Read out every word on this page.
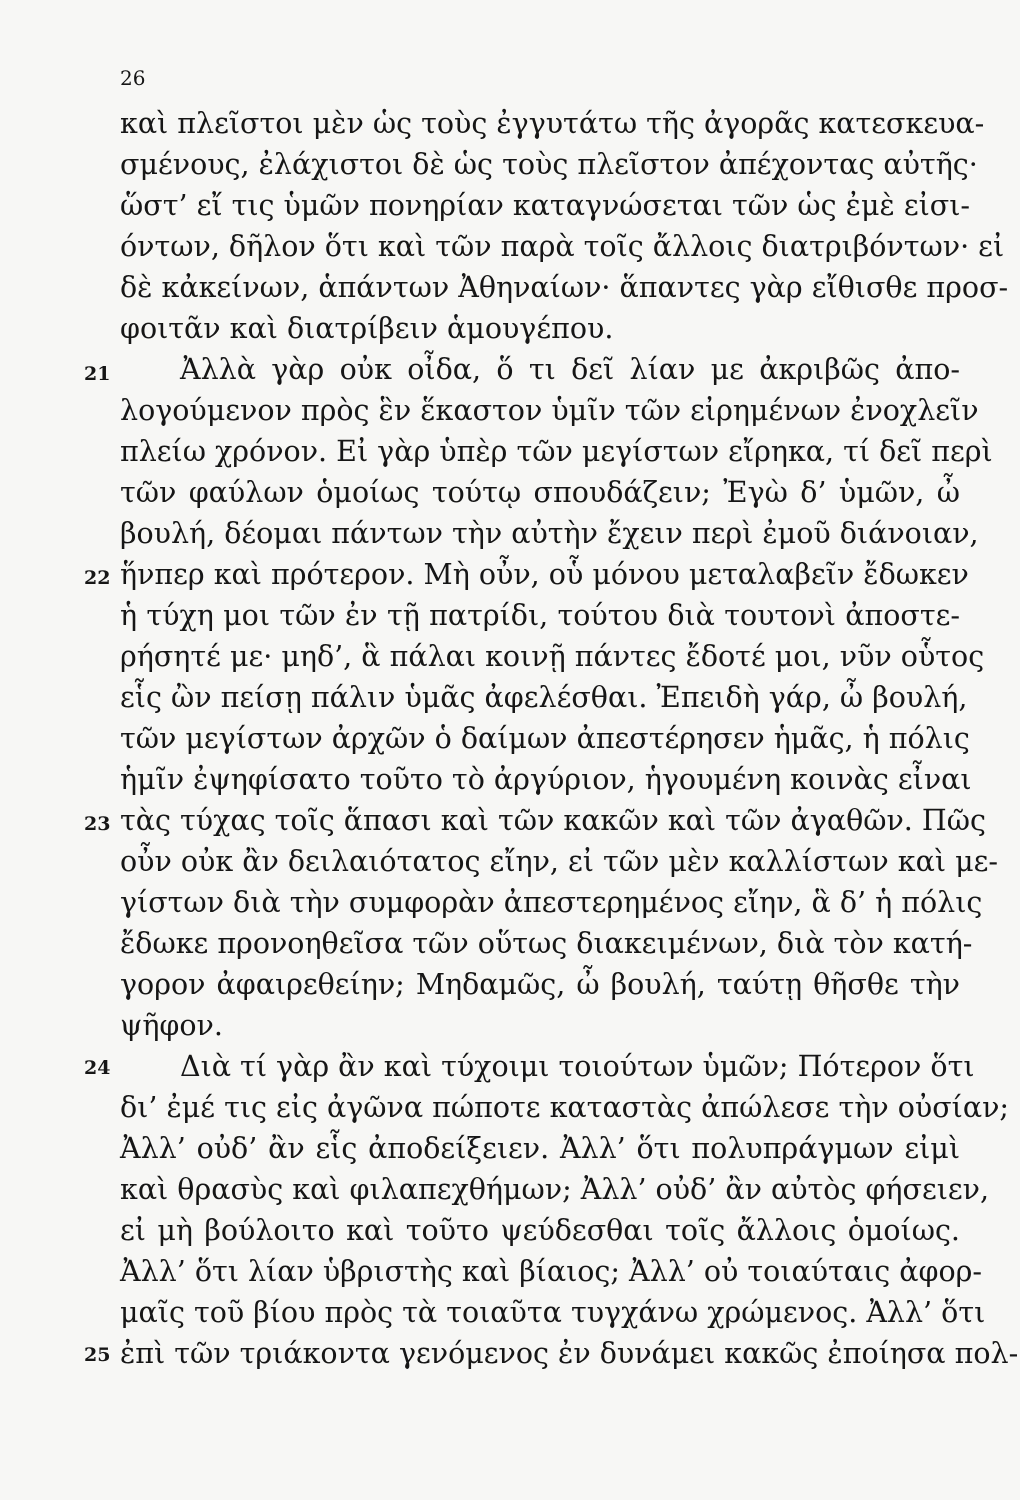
26
21
22
23
24
25
καὶ πλεῖστοι μὲν ὡς τοὺς ἐγγυτάτω τῆς ἀγορᾶς κατεσκευα-
σμένους, ἐλάχιστοι δὲ ὡς τοὺς πλεῖστον ἀπέχοντας αὐτῆς·
ὥστ’ εἴ τις ὑμῶν πονηρίαν καταγνώσεται τῶν ὡς ἐμὲ εἰσι-
όντων, δῆλον ὅτι καὶ τῶν παρὰ τοῖς ἄλλοις διατριβόντων· εἰ
δὲ κἀκείνων, ἁπάντων Ἀθηναίων· ἅπαντες γὰρ εἴθισθε προσ-
φοιτᾶν καὶ διατρίβειν ἁμουγέπου.
Ἀλλὰ γὰρ οὐκ οἶδα, ὅ τι δεῖ λίαν με ἀκριβῶς ἀπο-
λογούμενον πρὸς ἓν ἕκαστον ὑμῖν τῶν εἰρημένων ἐνοχλεῖν
πλείω χρόνον. Εἰ γὰρ ὑπὲρ τῶν μεγίστων εἴρηκα, τί δεῖ περὶ
τῶν φαύλων ὁμοίως τούτῳ σπουδάζειν; Ἐγὼ δ’ ὑμῶν, ὦ
βουλή, δέομαι πάντων τὴν αὐτὴν ἔχειν περὶ ἐμοῦ διάνοιαν,
ἥνπερ καὶ πρότερον. Μὴ οὖν, οὗ μόνου μεταλαβεῖν ἔδωκεν
ἡ τύχη μοι τῶν ἐν τῇ πατρίδι, τούτου διὰ τουτονὶ ἀποστε-
ρήσητέ με· μηδ’, ἃ πάλαι κοινῇ πάντες ἔδοτέ μοι, νῦν οὗτος
εἷς ὢν πείσῃ πάλιν ὑμᾶς ἀφελέσθαι. Ἐπειδὴ γάρ, ὦ βουλή,
τῶν μεγίστων ἀρχῶν ὁ δαίμων ἀπεστέρησεν ἡμᾶς, ἡ πόλις
ἡμῖν ἐψηφίσατο τοῦτο τὸ ἀργύριον, ἡγουμένη κοινὰς εἶναι
τὰς τύχας τοῖς ἅπασι καὶ τῶν κακῶν καὶ τῶν ἀγαθῶν. Πῶς
οὖν οὐκ ἂν δειλαιότατος εἴην, εἰ τῶν μὲν καλλίστων καὶ με-
γίστων διὰ τὴν συμφορὰν ἀπεστερημένος εἴην, ἃ δ’ ἡ πόλις
ἔδωκε προνοηθεῖσα τῶν οὕτως διακειμένων, διὰ τὸν κατή-
γορον ἀφαιρεθείην; Μηδαμῶς, ὦ βουλή, ταύτῃ θῆσθε τὴν
ψῆφον.
Διὰ τί γὰρ ἂν καὶ τύχοιμι τοιούτων ὑμῶν; Πότερον ὅτι
δι’ ἐμέ τις εἰς ἀγῶνα πώποτε καταστὰς ἀπώλεσε τὴν οὐσίαν;
Ἀλλ’ οὐδ’ ἂν εἷς ἀποδείξειεν. Ἀλλ’ ὅτι πολυπράγμων εἰμὶ
καὶ θρασὺς καὶ φιλαπεχθήμων; Ἀλλ’ οὐδ’ ἂν αὐτὸς φήσειεν,
εἰ μὴ βούλοιτο καὶ τοῦτο ψεύδεσθαι τοῖς ἄλλοις ὁμοίως.
Ἀλλ’ ὅτι λίαν ὑβριστὴς καὶ βίαιος; Ἀλλ’ οὐ τοιαύταις ἀφορ-
μαῖς τοῦ βίου πρὸς τὰ τοιαῦτα τυγχάνω χρώμενος. Ἀλλ’ ὅτι
ἐπὶ τῶν τριάκοντα γενόμενος ἐν δυνάμει κακῶς ἐποίησα πολ-
